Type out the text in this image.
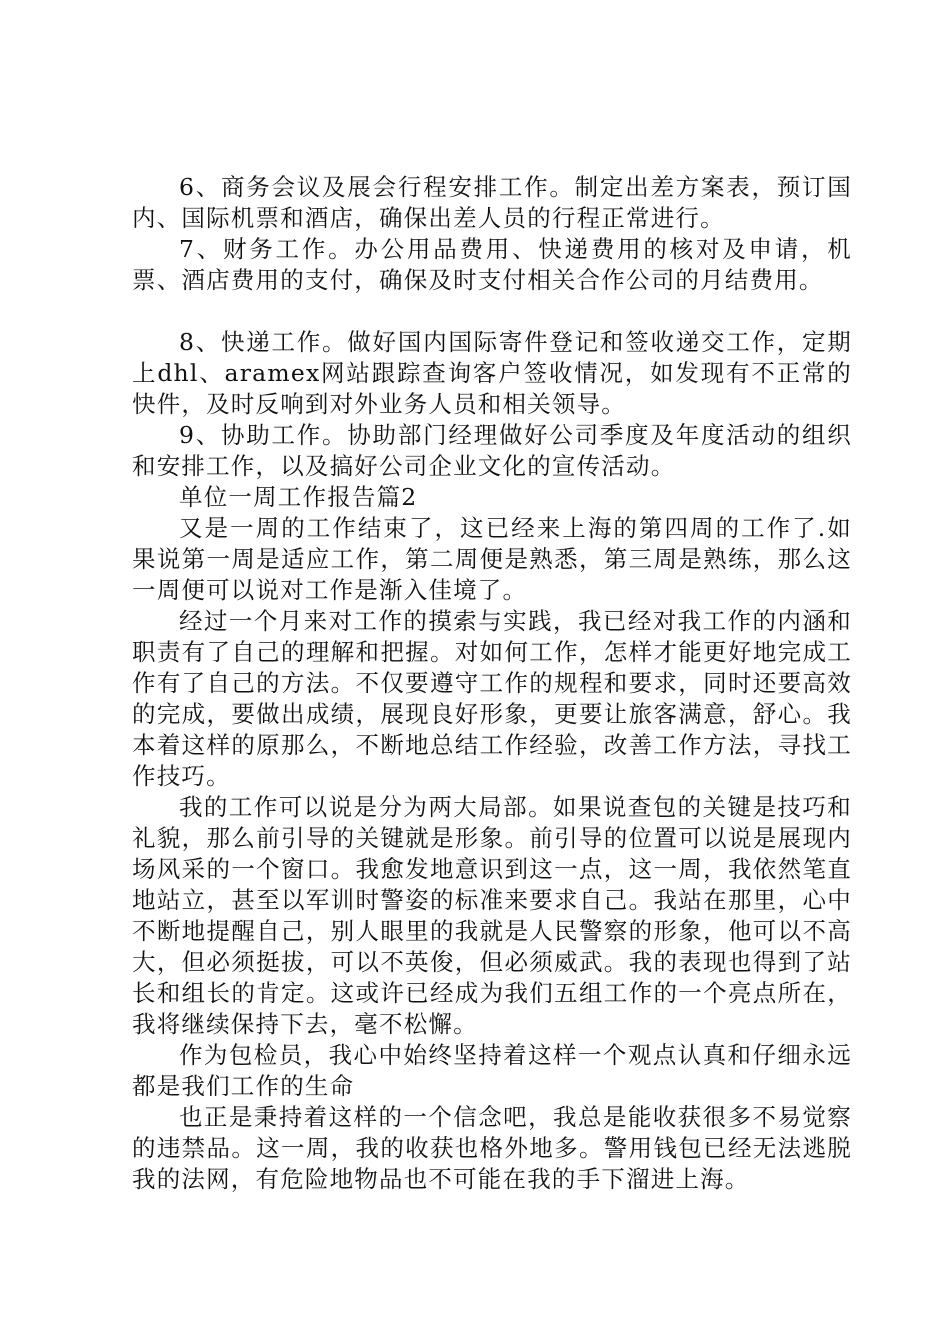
6、商务会议及展会行程安排工作。制定出差方案表，预订国内、国际机票和酒店，确保出差人员的行程正常进行。

7、财务工作。办公用品费用、快递费用的核对及申请，机票、酒店费用的支付，确保及时支付相关合作公司的月结费用。

8、快递工作。做好国内国际寄件登记和签收递交工作，定期上dhl、aramex网站跟踪查询客户签收情况，如发现有不正常的快件，及时反响到对外业务人员和相关领导。

9、协助工作。协助部门经理做好公司季度及年度活动的组织和安排工作，以及搞好公司企业文化的宣传活动。

单位一周工作报告篇2

又是一周的工作结束了，这已经来上海的第四周的工作了.如果说第一周是适应工作，第二周便是熟悉，第三周是熟练，那么这一周便可以说对工作是渐入佳境了。

经过一个月来对工作的摸索与实践，我已经对我工作的内涵和职责有了自己的理解和把握。对如何工作，怎样才能更好地完成工作有了自己的方法。不仅要遵守工作的规程和要求，同时还要高效的完成，要做出成绩，展现良好形象，更要让旅客满意，舒心。我本着这样的原那么，不断地总结工作经验，改善工作方法，寻找工作技巧。

我的工作可以说是分为两大局部。如果说查包的关键是技巧和礼貌，那么前引导的关键就是形象。前引导的位置可以说是展现内场风采的一个窗口。我愈发地意识到这一点，这一周，我依然笔直地站立，甚至以军训时警姿的标准来要求自己。我站在那里，心中不断地提醒自己，别人眼里的我就是人民警察的形象，他可以不高大，但必须挺拔，可以不英俊，但必须威武。我的表现也得到了站长和组长的肯定。这或许已经成为我们五组工作的一个亮点所在，我将继续保持下去，毫不松懈。

作为包检员，我心中始终坚持着这样一个观点认真和仔细永远都是我们工作的生命

也正是秉持着这样的一个信念吧，我总是能收获很多不易觉察的违禁品。这一周，我的收获也格外地多。警用钱包已经无法逃脱我的法网，有危险地物品也不可能在我的手下溜进上海。
